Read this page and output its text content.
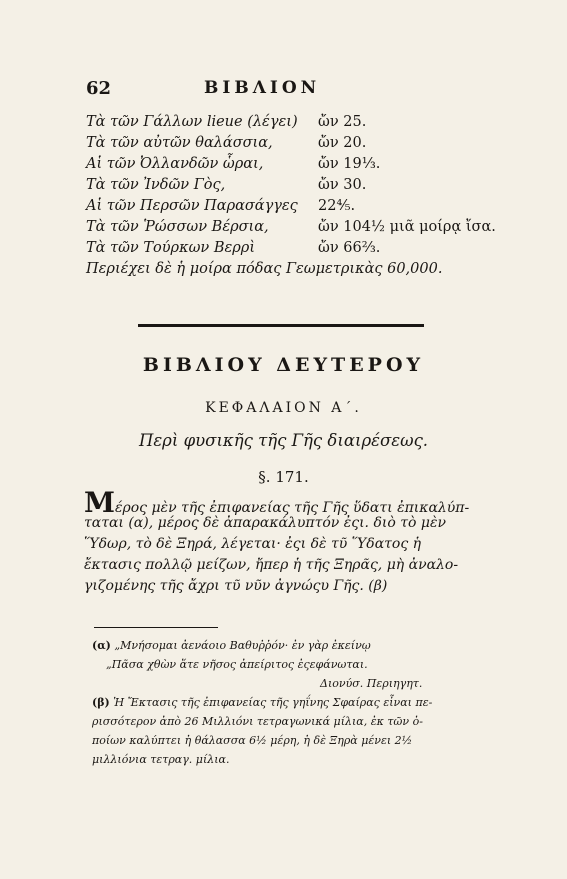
62	ΒΙΒΛΙΟΝ
Τὰ τῶν Γάλλων lieue (λέγει) ὤν 25.
Τὰ τῶν αὐτῶν θαλάσσια,	ὤν 20.
Αἱ τῶν Ὀλλανδῶν ὧραι,	ὤν 19⅓.
Τὰ τῶν Ἰνδῶν Γὸς,	ὤν 30.
Αἱ τῶν Περσῶν Παρασάγγες 22⅘.
Τὰ τῶν Ῥώσσων Βέρσια,	ὤν 104½ μιᾶ μοίρᾳ ἴσα.
Τὰ τῶν Τούρκων Βερρὶ	ὤν 66⅔.
Περιέχει δὲ ἡ μοίρα πόδας Γεωμετρικὰς 60,000.
ΒΙΒΛΙΟΥ ΔΕΥΤΕΡΟΥ
ΚΕΦΑΛΑΙΟΝ Α΄.
Περὶ φυσικῆς τῆς Γῆς διαιρέσεως.
§. 171.
Μέρος μὲν τῆς ἐπιφανείας τῆς Γῆς ὕδατι ἐπικαλύπ-
ταται (α), μέρος δὲ ἀπαρακάλυπτόν ἐςι. διὸ τὸ μὲν
Ὕδωρ, τὸ δὲ Ξηρά, λέγεται· ἐςι δὲ τῦ Ὕδατος ἡ
ἔκτασις πολλῷ μείζων, ἤπερ ἡ τῆς Ξηρᾶς, μὴ ἀναλο-
γιζομένης τῆς ἄχρι τῦ νῦν ἀγνώςυ Γῆς. (β)
(α) „Μνήσομαι ἀενάοιο Βαθυῤῥόν· ἐν γὰρ ἐκείνῳ
„Πᾶσα χθὼν ἅτε νῆσος ἀπείριτος ἐςεφάνωται.
Διονύσ. Περιηγητ.
(β) Ἡ Ἔκτασις τῆς ἐπιφανείας τῆς γηΐνης Σφαίρας εἶναι πε-
ρισσότερον ἀπὸ 26 Μιλλιόνι τετραγωνικά μίλια, ἐκ τῶν ὁ-
ποίων καλύπτει ἡ θάλασσα 6½ μέρη, ἡ δὲ Ξηρὰ μένει 2½
μιλλιόνια τετραγ. μίλια.
